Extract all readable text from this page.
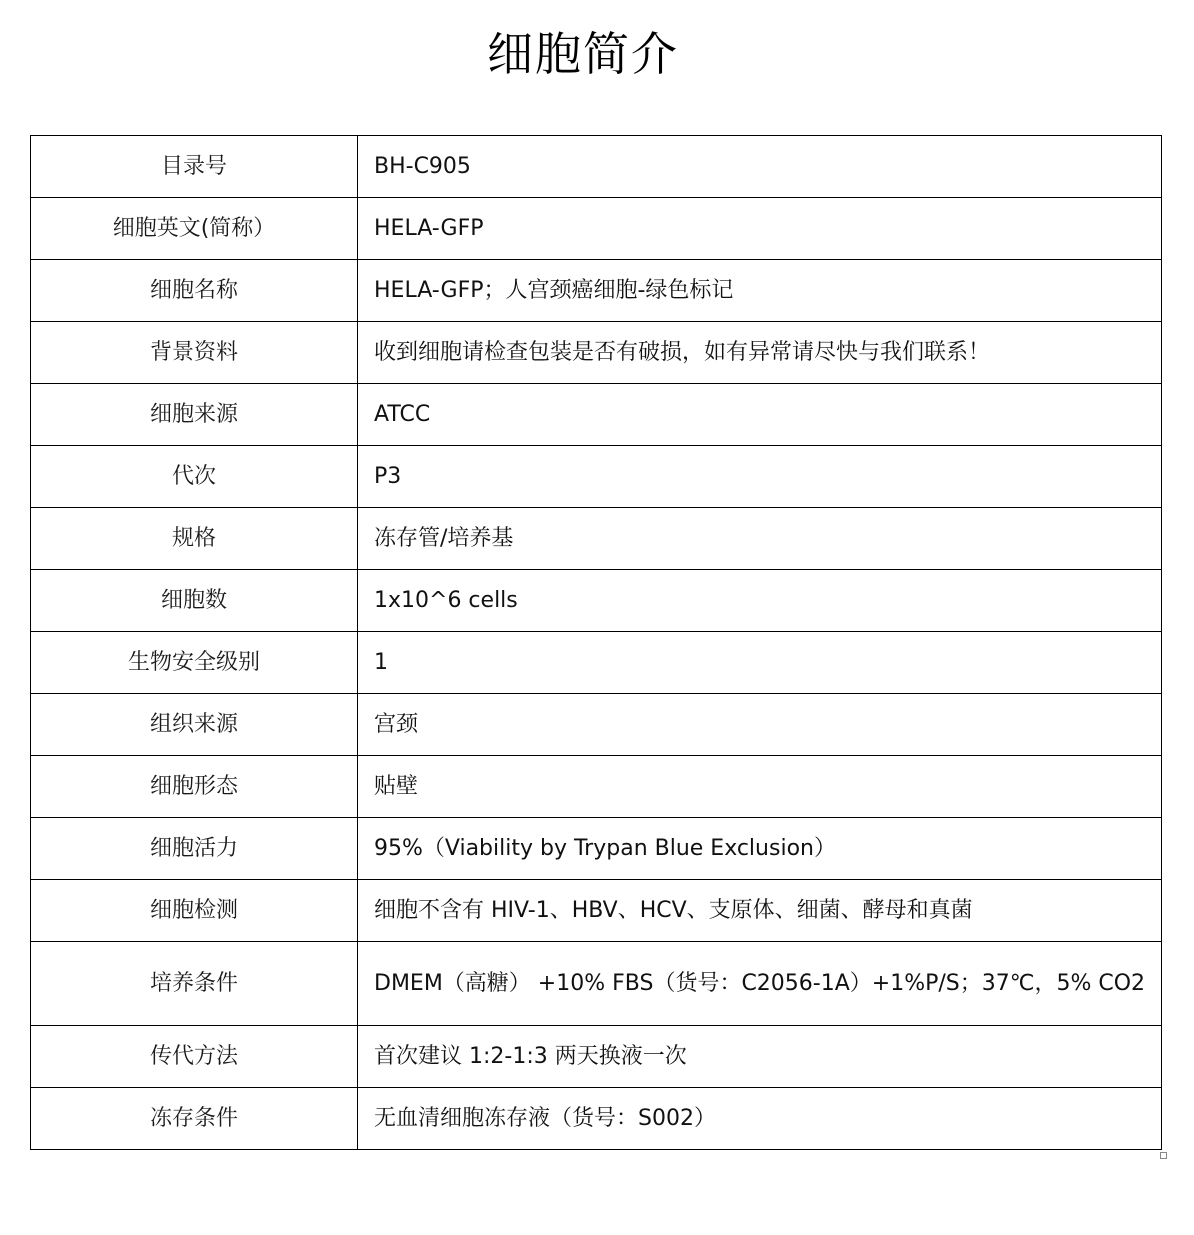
细胞简介
目录号	BH-C905
细胞英文(简称）	HELA-GFP
细胞名称	HELA-GFP；人宫颈癌细胞-绿色标记
背景资料	收到细胞请检查包装是否有破损，如有异常请尽快与我们联系！
细胞来源	ATCC
代次	P3
规格	冻存管/培养基
细胞数	1x10^6 cells
生物安全级别	1
组织来源	宫颈
细胞形态	贴壁
细胞活力	95%（Viability by Trypan Blue Exclusion）
细胞检测	细胞不含有 HIV-1、HBV、HCV、支原体、细菌、酵母和真菌
培养条件	DMEM（高糖） +10% FBS（货号：C2056-1A）+1%P/S；37℃，5% CO2
传代方法	首次建议 1:2-1:3 两天换液一次
冻存条件	无血清细胞冻存液（货号：S002）
